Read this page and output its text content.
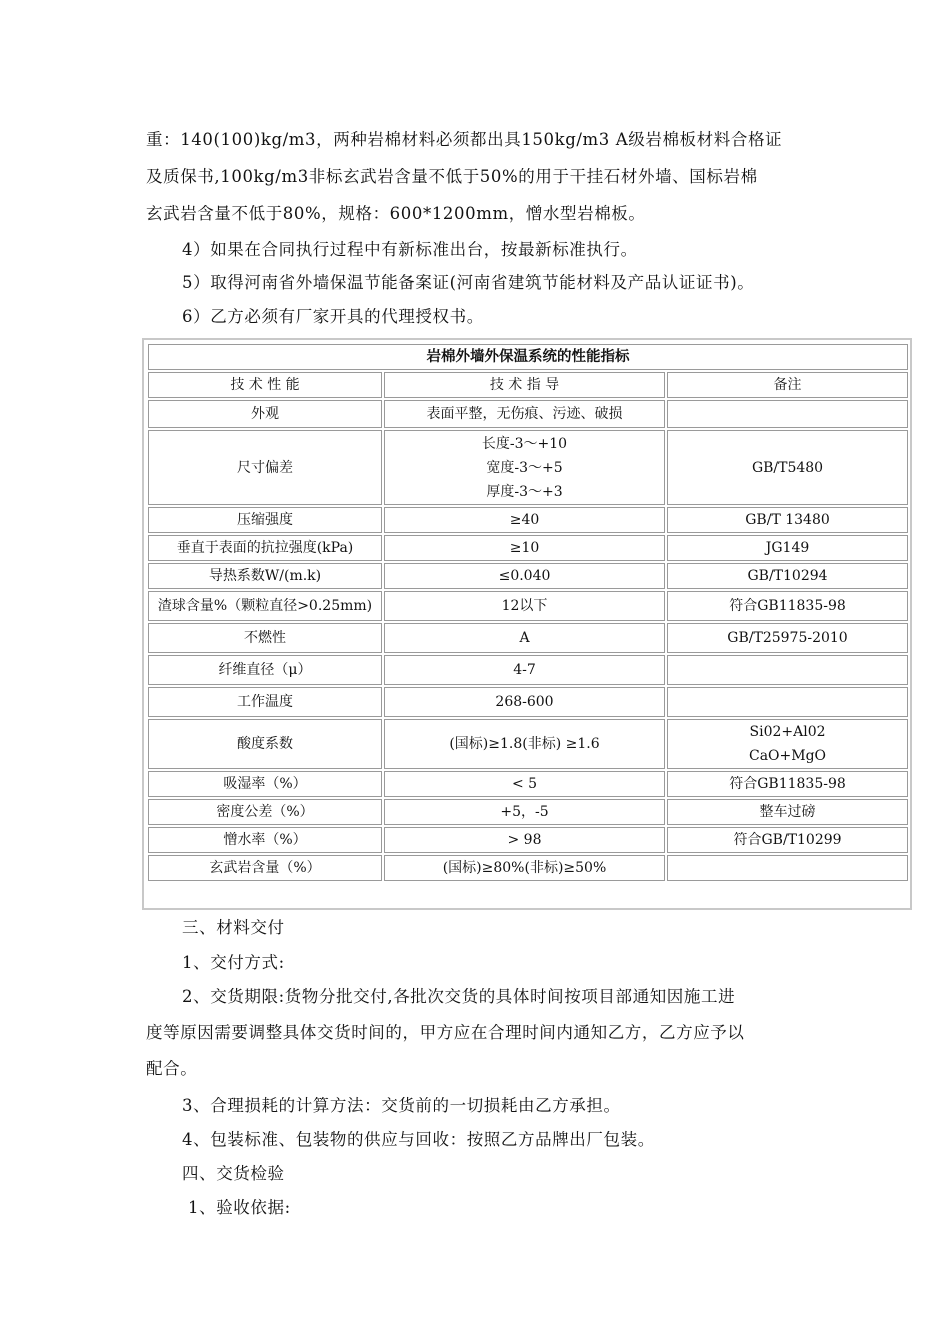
重：140(100)kg/m3，两种岩棉材料必须都出具150kg/m3 A级岩棉板材料合格证
及质保书,100kg/m3非标玄武岩含量不低于50%的用于干挂石材外墙、国标岩棉
玄武岩含量不低于80%，规格：600*1200mm，憎水型岩棉板。
4）如果在合同执行过程中有新标准出台，按最新标准执行。
5）取得河南省外墙保温节能备案证(河南省建筑节能材料及产品认证证书)。
6）乙方必须有厂家开具的代理授权书。
岩棉外墙外保温系统的性能指标		
技 术 性 能	技 术 指 导	备注
外观	表面平整，无伤痕、污迹、破损	

尺寸偏差	长度-3～+10
宽度-3～+5
厚度-3～+3	GB/T5480

压缩强度	≥40	GB/T 13480

垂直于表面的抗拉强度(kPa)	≥10	JG149

导热系数W/(m.k)	≤0.040	GB/T10294

渣球含量%（颗粒直径>0.25mm)	12以下	符合GB11835-98

不燃性	A	GB/T25975-2010

纤维直径（μ）	4-7	

工作温度	268-600	

酸度系数	(国标)≥1.8(非标) ≥1.6	Si02+Al02
CaO+MgO

吸湿率（%）	< 5	符合GB11835-98

密度公差（%）	+5，-5	整车过磅

憎水率（%）	> 98	符合GB/T10299

玄武岩含量（%）	(国标)≥80%(非标)≥50%	

三、材料交付
1、交付方式:
2、交货期限:货物分批交付,各批次交货的具体时间按项目部通知因施工进
度等原因需要调整具体交货时间的，甲方应在合理时间内通知乙方，乙方应予以
配合。
3、合理损耗的计算方法：交货前的一切损耗由乙方承担。
4、包装标准、包装物的供应与回收：按照乙方品牌出厂包装。
四、交货检验
1、验收依据:
